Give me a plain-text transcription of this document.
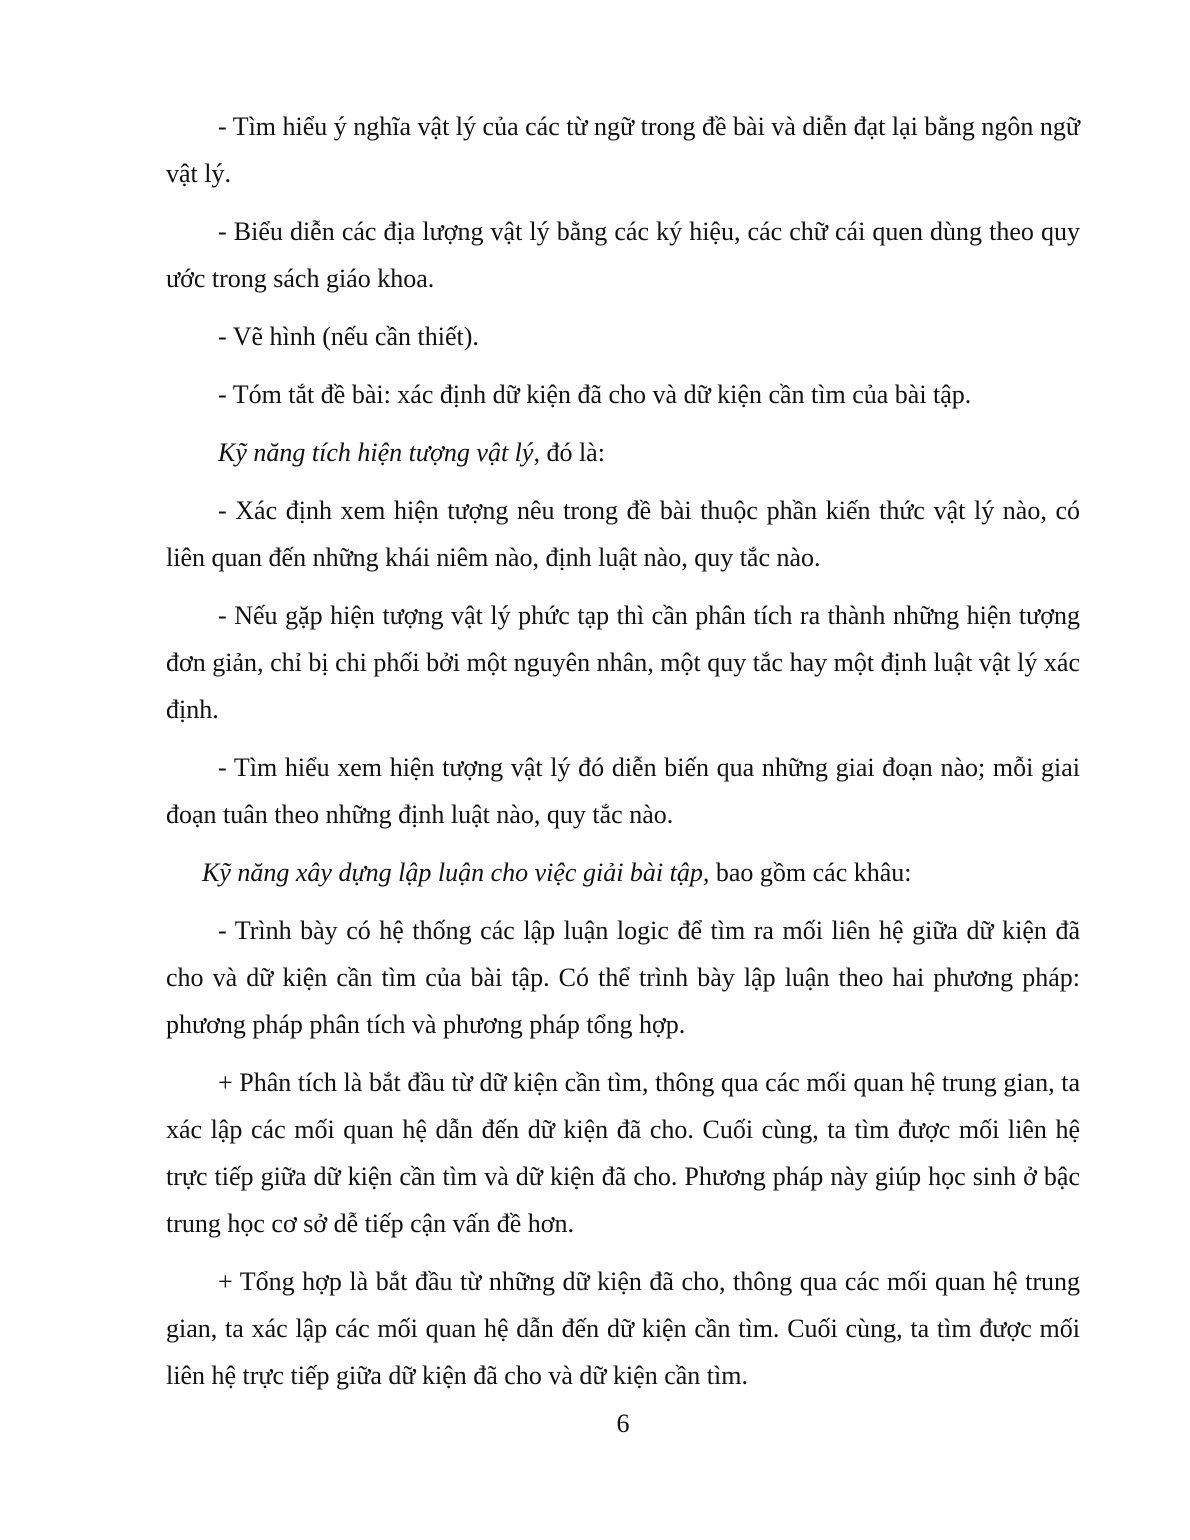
- Tìm hiểu ý nghĩa vật lý của các từ ngữ trong đề bài và diễn đạt lại bằng ngôn ngữ vật lý.

- Biểu diễn các địa lượng vật lý bằng các ký hiệu, các chữ cái quen dùng theo quy ước trong sách giáo khoa.

- Vẽ hình (nếu cần thiết).

- Tóm tắt đề bài: xác định dữ kiện đã cho và dữ kiện cần tìm của bài tập.

Kỹ năng tích hiện tượng vật lý, đó là:

- Xác định xem hiện tượng nêu trong đề bài thuộc phần kiến thức vật lý nào, có liên quan đến những khái niêm nào, định luật nào, quy tắc nào.

- Nếu gặp hiện tượng vật lý phức tạp thì cần phân tích ra thành những hiện tượng đơn giản, chỉ bị chi phối bởi một nguyên nhân, một quy tắc hay một định luật vật lý xác định.

- Tìm hiểu xem hiện tượng vật lý đó diễn biến qua những giai đoạn nào; mỗi giai đoạn tuân theo những định luật nào, quy tắc nào.

Kỹ năng xây dựng lập luận cho việc giải bài tập, bao gồm các khâu:

- Trình bày có hệ thống các lập luận logic để tìm ra mối liên hệ giữa dữ kiện đã cho và dữ kiện cần tìm của bài tập. Có thể trình bày lập luận theo hai phương pháp: phương pháp phân tích và phương pháp tổng hợp.

+ Phân tích là bắt đầu từ dữ kiện cần tìm, thông qua các mối quan hệ trung gian, ta xác lập các mối quan hệ dẫn đến dữ kiện đã cho. Cuối cùng, ta tìm được mối liên hệ trực tiếp giữa dữ kiện cần tìm và dữ kiện đã cho. Phương pháp này giúp học sinh ở bậc trung học cơ sở dễ tiếp cận vấn đề hơn.

+ Tổng hợp là bắt đầu từ những dữ kiện đã cho, thông qua các mối quan hệ trung gian, ta xác lập các mối quan hệ dẫn đến dữ kiện cần tìm. Cuối cùng, ta tìm được mối liên hệ trực tiếp giữa dữ kiện đã cho và dữ kiện cần tìm.

6
